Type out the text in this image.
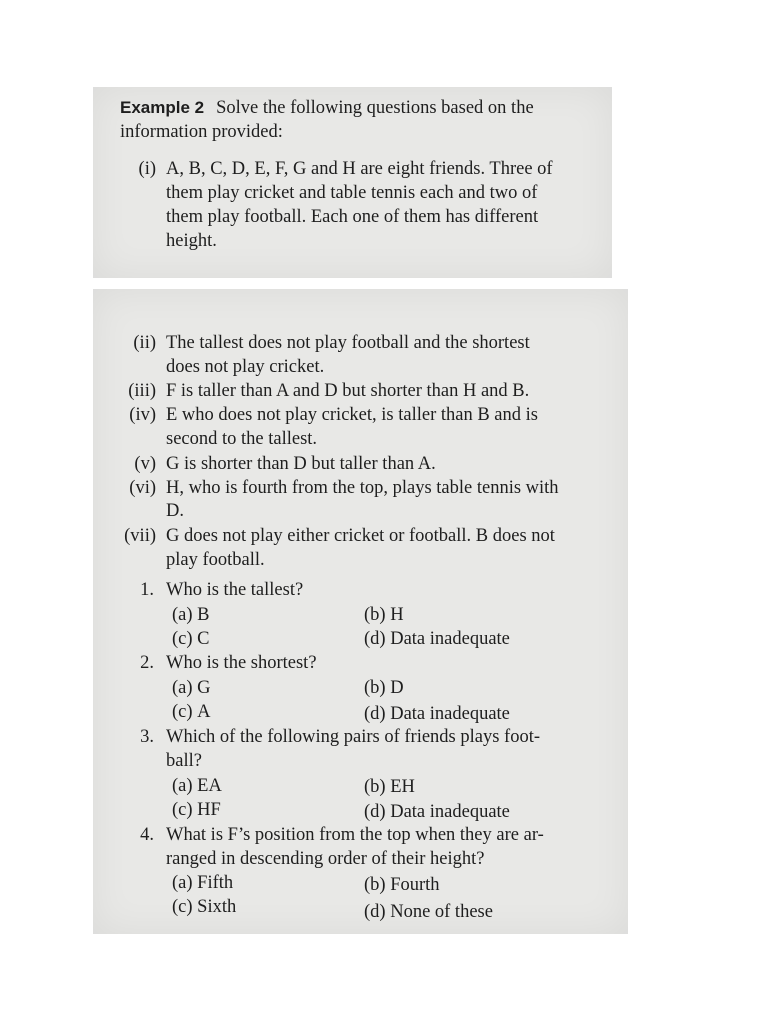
Example 2 Solve the following questions based on the
information provided:
(i) A, B, C, D, E, F, G and H are eight friends. Three of
them play cricket and table tennis each and two of
them play football. Each one of them has different
height.
(ii) The tallest does not play football and the shortest
does not play cricket.
(iii) F is taller than A and D but shorter than H and B.
(iv) E who does not play cricket, is taller than B and is
second to the tallest.
(v) G is shorter than D but taller than A.
(vi) H, who is fourth from the top, plays table tennis with
D.
(vii) G does not play either cricket or football. B does not
play football.
1. Who is the tallest?
(a) B	(b) H
(c) C	(d) Data inadequate
2. Who is the shortest?
(a) G	(b) D
(c) A	(d) Data inadequate
3. Which of the following pairs of friends plays foot-
ball?
(a) EA	(b) EH
(c) HF	(d) Data inadequate
4. What is F’s position from the top when they are ar-
ranged in descending order of their height?
(a) Fifth	(b) Fourth
(c) Sixth	(d) None of these
